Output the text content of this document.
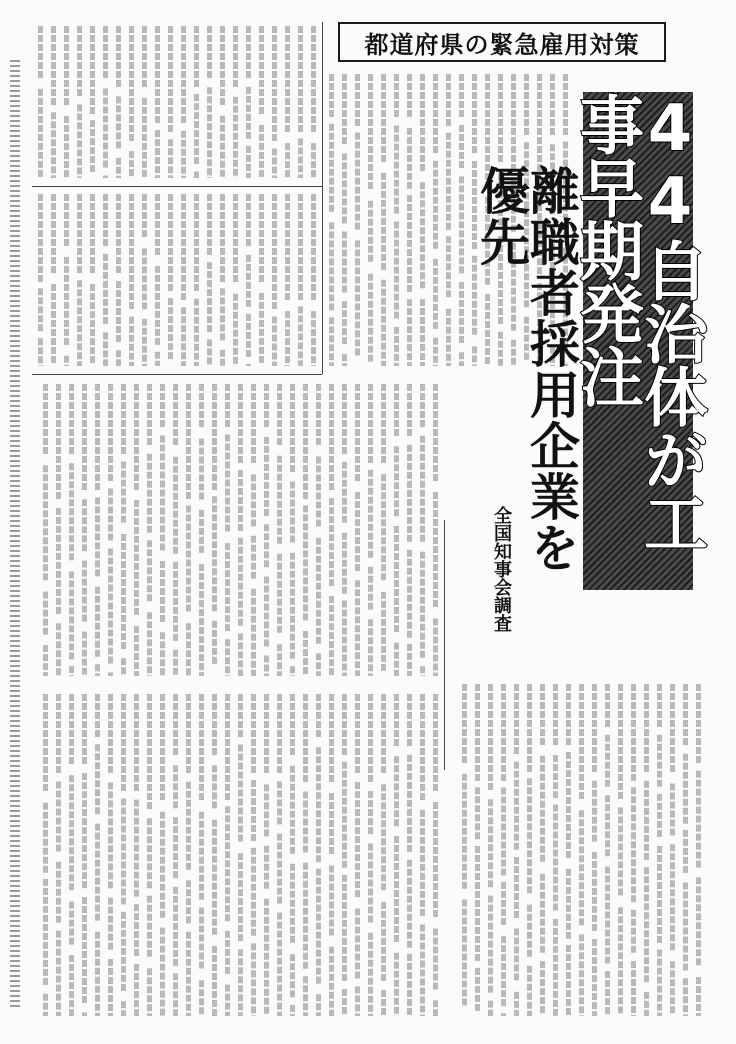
都道府県の緊急雇用対策
44自治体が工事早期発注
離職者採用企業を優先
全国知事会調査
